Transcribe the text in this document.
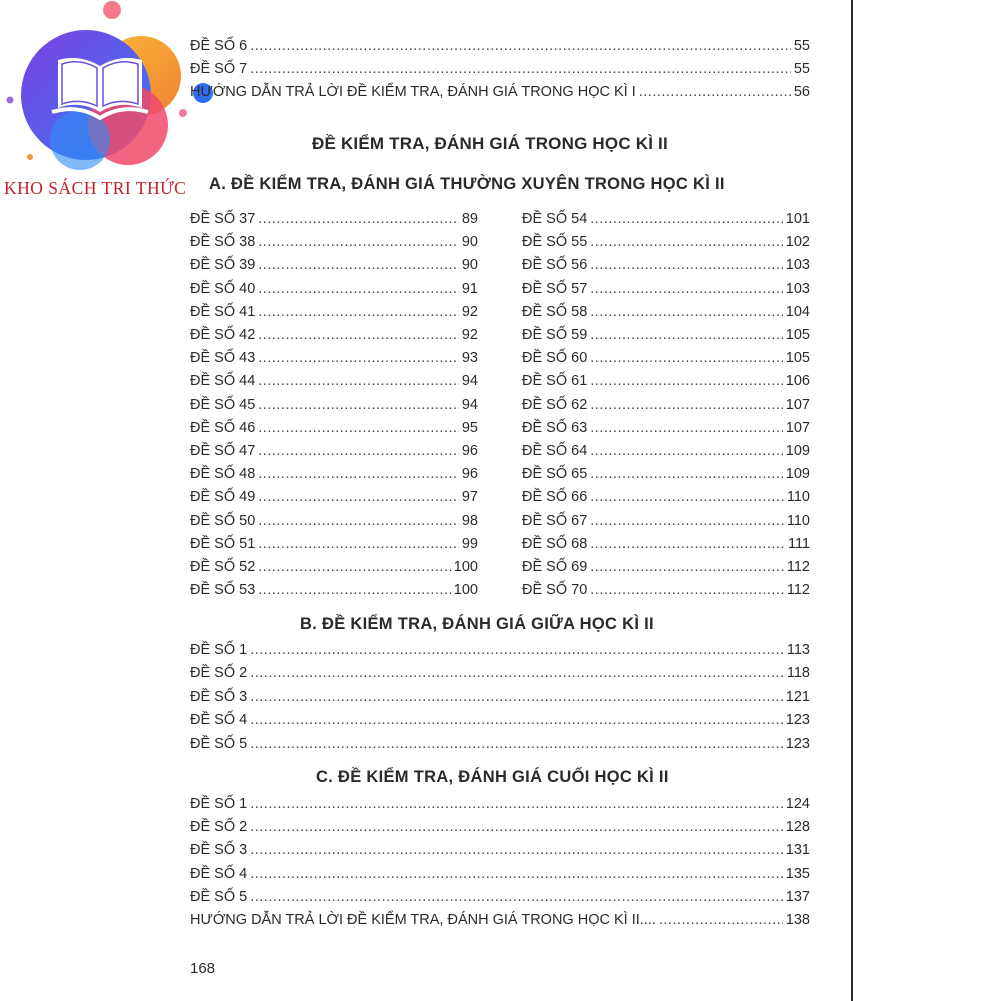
KHO SÁCH TRI THỨC
ĐỀ SỐ 6 .....	55
ĐỀ SỐ 7 .....	55
HƯỚNG DẪN TRẢ LỜI ĐỀ KIỂM TRA, ĐÁNH GIÁ TRONG HỌC KÌ I .....	56
ĐỀ KIỂM TRA, ĐÁNH GIÁ TRONG HỌC KÌ II
A. ĐỀ KIỂM TRA, ĐÁNH GIÁ THƯỜNG XUYÊN TRONG HỌC KÌ II
ĐỀ SỐ 37 .....	89
ĐỀ SỐ 38 .....	90
ĐỀ SỐ 39 .....	90
ĐỀ SỐ 40 .....	91
ĐỀ SỐ 41 .....	92
ĐỀ SỐ 42 .....	92
ĐỀ SỐ 43 .....	93
ĐỀ SỐ 44 .....	94
ĐỀ SỐ 45 .....	94
ĐỀ SỐ 46 .....	95
ĐỀ SỐ 47 .....	96
ĐỀ SỐ 48 .....	96
ĐỀ SỐ 49 .....	97
ĐỀ SỐ 50 .....	98
ĐỀ SỐ 51 .....	99
ĐỀ SỐ 52 .....	100
ĐỀ SỐ 53 .....	100
ĐỀ SỐ 54 .....	101
ĐỀ SỐ 55 .....	102
ĐỀ SỐ 56 .....	103
ĐỀ SỐ 57 .....	103
ĐỀ SỐ 58 .....	104
ĐỀ SỐ 59 .....	105
ĐỀ SỐ 60 .....	105
ĐỀ SỐ 61 .....	106
ĐỀ SỐ 62 .....	107
ĐỀ SỐ 63 .....	107
ĐỀ SỐ 64 .....	109
ĐỀ SỐ 65 .....	109
ĐỀ SỐ 66 .....	110
ĐỀ SỐ 67 .....	110
ĐỀ SỐ 68 .....	111
ĐỀ SỐ 69 .....	112
ĐỀ SỐ 70 .....	112
B. ĐỀ KIỂM TRA, ĐÁNH GIÁ GIỮA HỌC KÌ II
ĐỀ SỐ 1 .....	113
ĐỀ SỐ 2 .....	118
ĐỀ SỐ 3 .....	121
ĐỀ SỐ 4 .....	123
ĐỀ SỐ 5 .....	123
C. ĐỀ KIỂM TRA, ĐÁNH GIÁ CUỐI HỌC KÌ II
ĐỀ SỐ 1 .....	124
ĐỀ SỐ 2 .....	128
ĐỀ SỐ 3 .....	131
ĐỀ SỐ 4 .....	135
ĐỀ SỐ 5 .....	137
HƯỚNG DẪN TRẢ LỜI ĐỀ KIỂM TRA, ĐÁNH GIÁ TRONG HỌC KÌ II.... .....	138
168
